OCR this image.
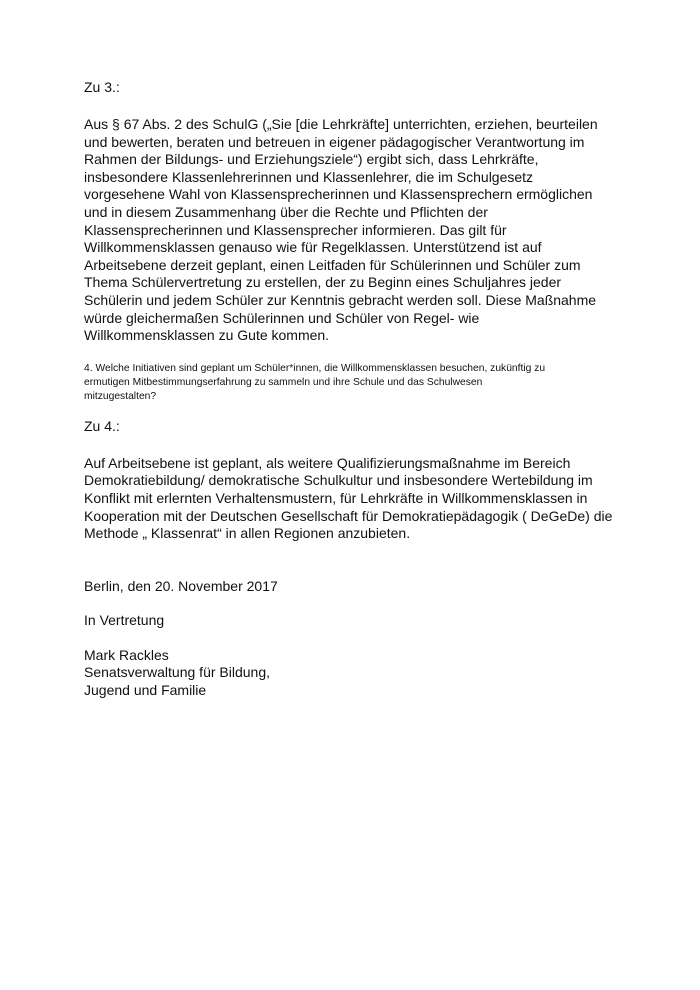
Zu 3.:

Aus § 67 Abs. 2 des SchulG („Sie [die Lehrkräfte] unterrichten, erziehen, beurteilen
und bewerten, beraten und betreuen in eigener pädagogischer Verantwortung im
Rahmen der Bildungs- und Erziehungsziele“) ergibt sich, dass Lehrkräfte,
insbesondere Klassenlehrerinnen und Klassenlehrer, die im Schulgesetz
vorgesehene Wahl von Klassensprecherinnen und Klassensprechern ermöglichen
und in diesem Zusammenhang über die Rechte und Pflichten der
Klassensprecherinnen und Klassensprecher informieren. Das gilt für
Willkommensklassen genauso wie für Regelklassen. Unterstützend ist auf
Arbeitsebene derzeit geplant, einen Leitfaden für Schülerinnen und Schüler zum
Thema Schülervertretung zu erstellen, der zu Beginn eines Schuljahres jeder
Schülerin und jedem Schüler zur Kenntnis gebracht werden soll. Diese Maßnahme
würde gleichermaßen Schülerinnen und Schüler von Regel- wie
Willkommensklassen zu Gute kommen.
4. Welche Initiativen sind geplant um Schüler*innen, die Willkommensklassen besuchen, zukünftig zu
ermutigen Mitbestimmungserfahrung zu sammeln und ihre Schule und das Schulwesen
mitzugestalten?

Zu 4.:

Auf Arbeitsebene ist geplant, als weitere Qualifizierungsmaßnahme im Bereich
Demokratiebildung/ demokratische Schulkultur und insbesondere Wertebildung im
Konflikt mit erlernten Verhaltensmustern, für Lehrkräfte in Willkommensklassen in
Kooperation mit der Deutschen Gesellschaft für Demokratiepädagogik ( DeGeDe) die
Methode „ Klassenrat“ in allen Regionen anzubieten.
Berlin, den 20. November 2017
In Vertretung
Mark Rackles
Senatsverwaltung für Bildung,
Jugend und Familie
